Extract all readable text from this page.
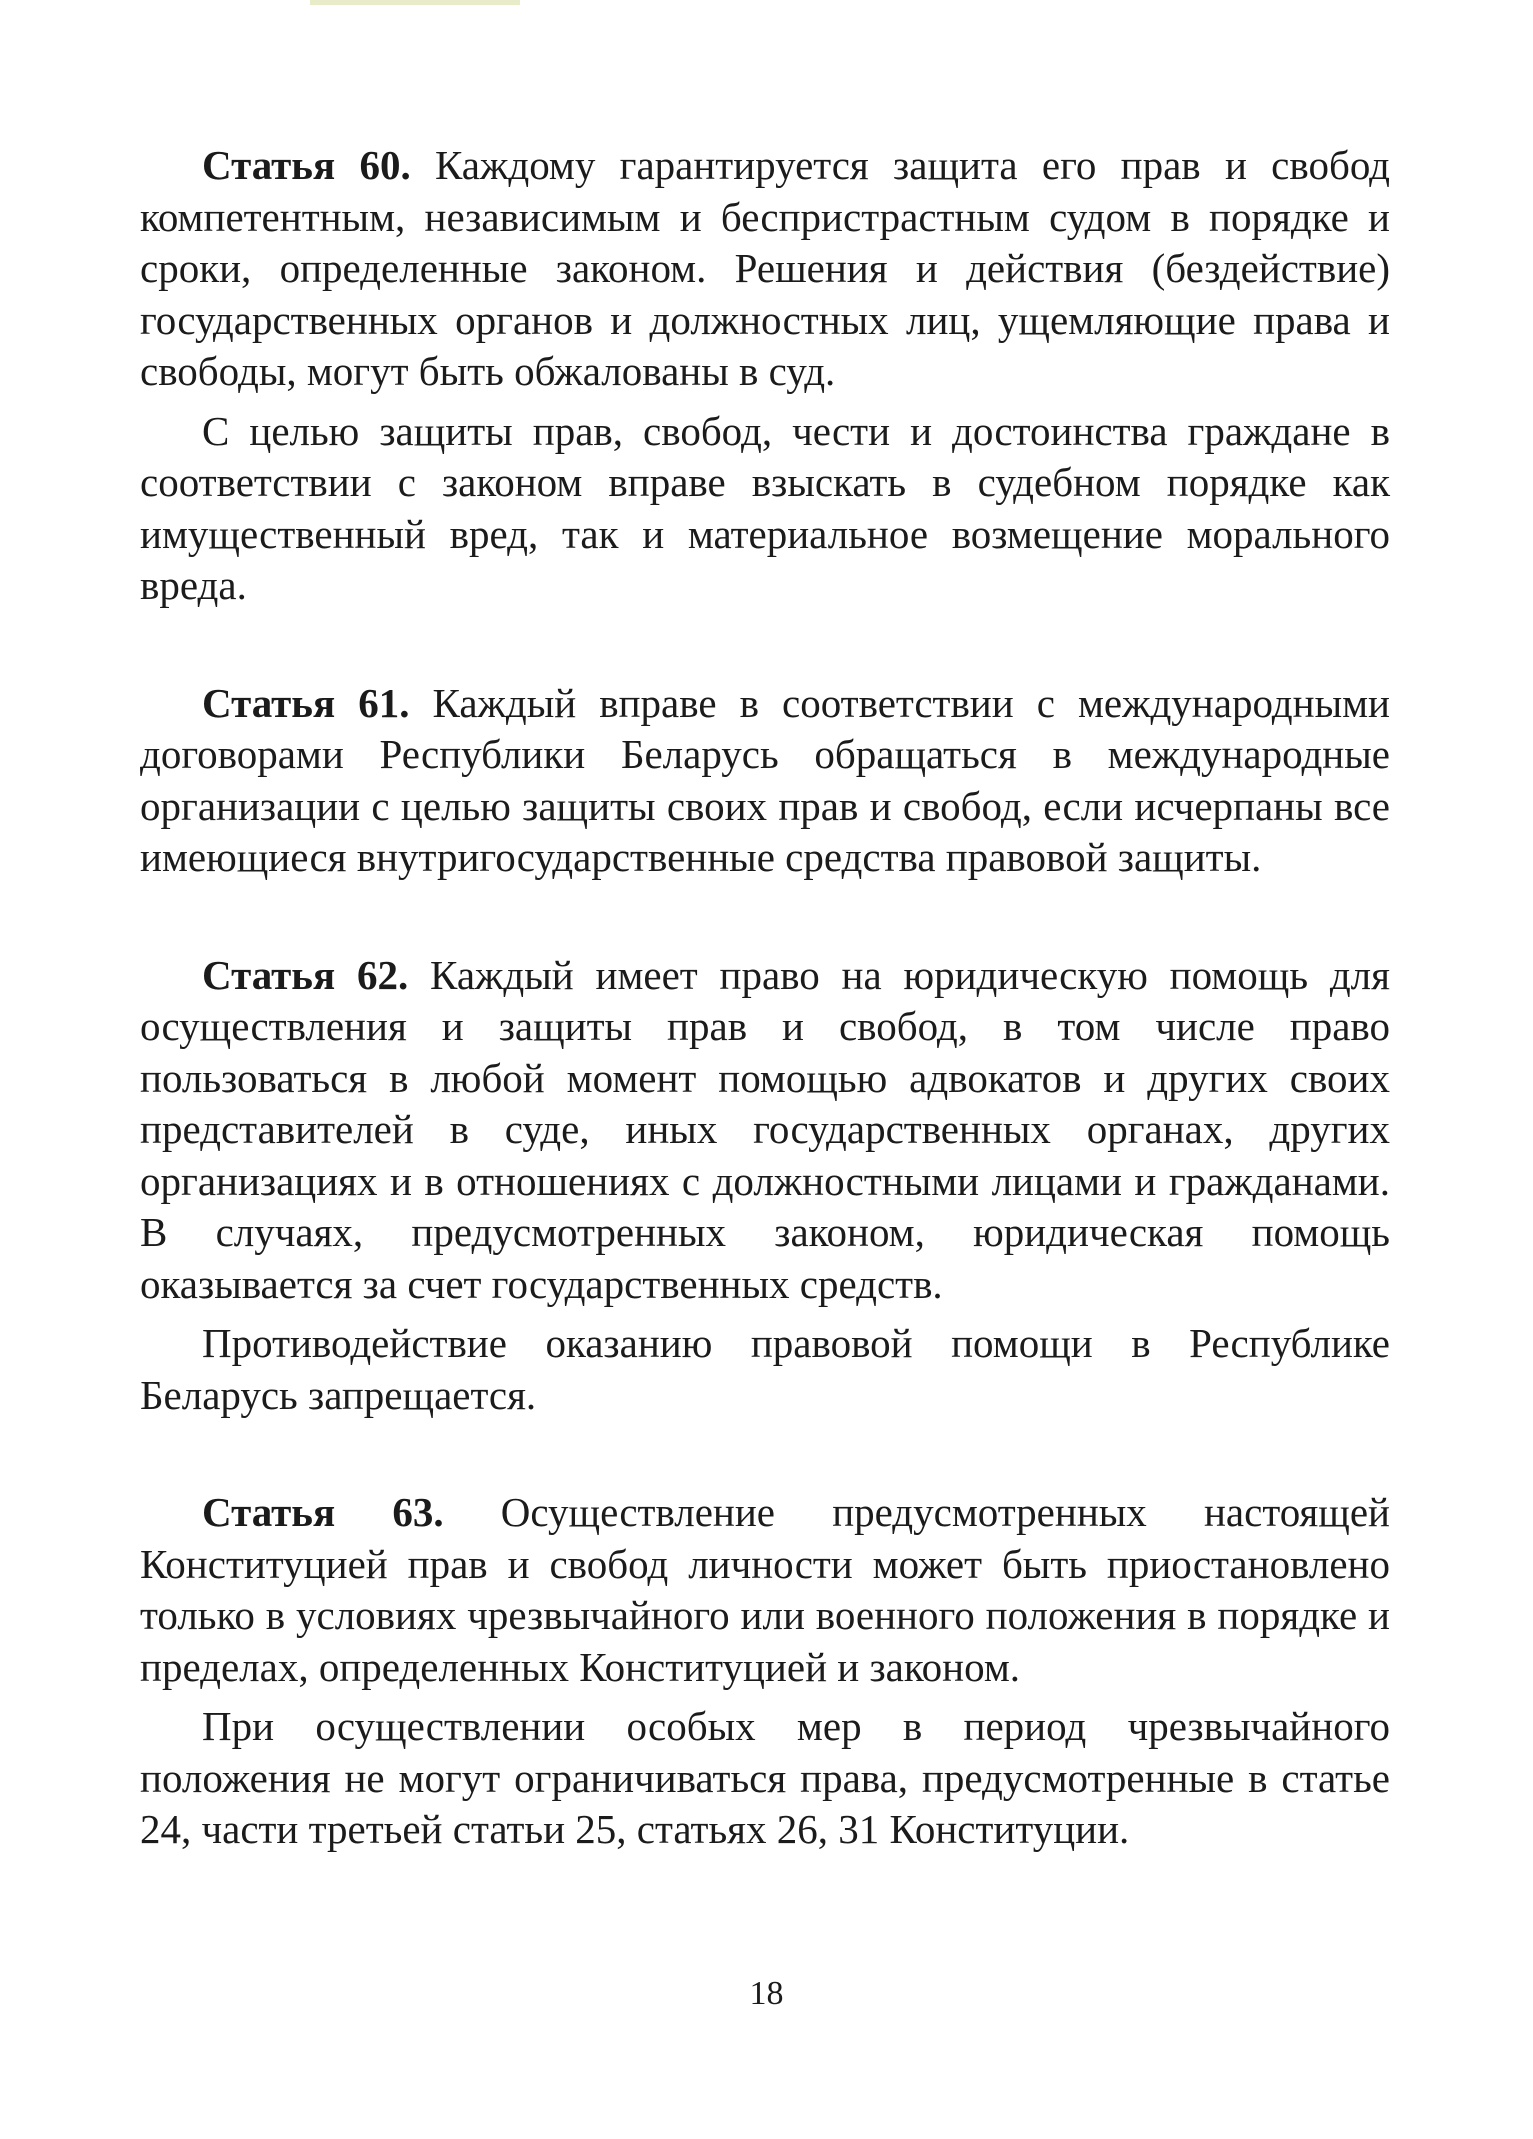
Статья 60. Каждому гарантируется защита его прав и свобод компетентным, независимым и беспристрастным судом в порядке и сроки, определенные законом. Решения и действия (бездействие) государственных органов и должностных лиц, ущемляющие права и свободы, могут быть обжалованы в суд.

С целью защиты прав, свобод, чести и достоинства граждане в соответствии с законом вправе взыскать в судебном порядке как имущественный вред, так и материальное возмещение морального вреда.

Статья 61. Каждый вправе в соответствии с международными договорами Республики Беларусь обращаться в международные организации с целью защиты своих прав и свобод, если исчерпаны все имеющиеся внутригосударственные средства правовой защиты.

Статья 62. Каждый имеет право на юридическую помощь для осуществления и защиты прав и свобод, в том числе право пользоваться в любой момент помощью адвокатов и других своих представителей в суде, иных государственных органах, других организациях и в отношениях с должностными лицами и гражданами. В случаях, предусмотренных законом, юридическая помощь оказывается за счет государственных средств.

Противодействие оказанию правовой помощи в Республике Беларусь запрещается.

Статья 63. Осуществление предусмотренных настоящей Конституцией прав и свобод личности может быть приостановлено только в условиях чрезвычайного или военного положения в порядке и пределах, определенных Конституцией и законом.

При осуществлении особых мер в период чрезвычайного положения не могут ограничиваться права, предусмотренные в статье 24, части третьей статьи 25, статьях 26, 31 Конституции.

18
